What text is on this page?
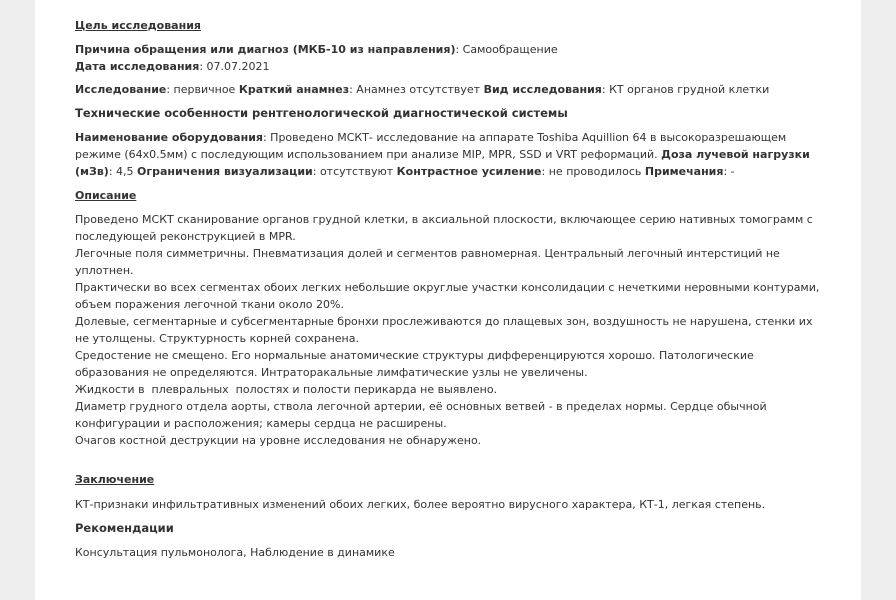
Цель исследования

Причина обращения или диагноз (МКБ-10 из направления): Самообращение

Дата исследования: 07.07.2021

Исследование: первичное Краткий анамнез: Анамнез отсутствует Вид исследования: КТ органов грудной клетки

Технические особенности рентгенологической диагностической системы

Наименование оборудования: Проведено МСКТ- исследование на аппарате Toshiba Aquillion 64 в высокоразрешающем режиме (64х0.5мм) с последующим использованием при анализе MIP, MPR, SSD и VRT реформаций. Доза лучевой нагрузки (мЗв): 4,5 Ограничения визуализации: отсутствуют Контрастное усиление: не проводилось Примечания: -

Описание

Проведено МСКТ сканирование органов грудной клетки, в аксиальной плоскости, включающее серию нативных томограмм с последующей реконструкцией в MPR.

Легочные поля симметричны. Пневматизация долей и сегментов равномерная. Центральный легочный интерстиций не уплотнен.

Практически во всех сегментах обоих легких небольшие округлые участки консолидации с нечеткими неровными контурами, объем поражения легочной ткани около 20%.

Долевые, сегментарные и субсегментарные бронхи прослеживаются до плащевых зон, воздушность не нарушена, стенки их не утолщены. Структурность корней сохранена.

Средостение не смещено. Его нормальные анатомические структуры дифференцируются хорошо. Патологические образования не определяются. Интраторакальные лимфатические узлы не увеличены.

Жидкости в  плевральных  полостях и полости перикарда не выявлено.

Диаметр грудного отдела аорты, ствола легочной артерии, её основных ветвей - в пределах нормы. Сердце обычной конфигурации и расположения; камеры сердца не расширены.

Очагов костной деструкции на уровне исследования не обнаружено.

Заключение

КТ-признаки инфильтративных изменений обоих легких, более вероятно вирусного характера, КТ-1, легкая степень.

Рекомендации

Консультация пульмонолога, Наблюдение в динамике
